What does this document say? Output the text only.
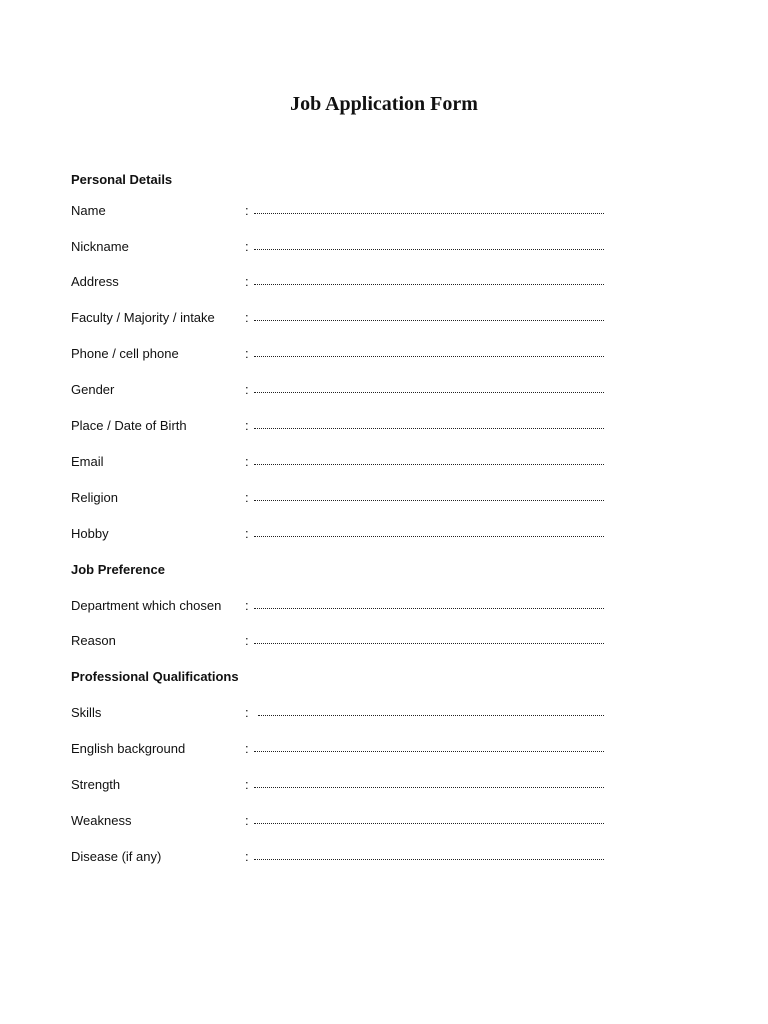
Job Application Form
Personal Details
Name	:
Nickname	:
Address	:
Faculty / Majority / intake :
Phone / cell phone	:
Gender	:
Place / Date of Birth	:
Email	:
Religion	:
Hobby	:
Job Preference
Department which chosen :
Reason	:
Professional Qualifications
Skills	:
English background	:
Strength	:
Weakness	:
Disease (if any)	:
